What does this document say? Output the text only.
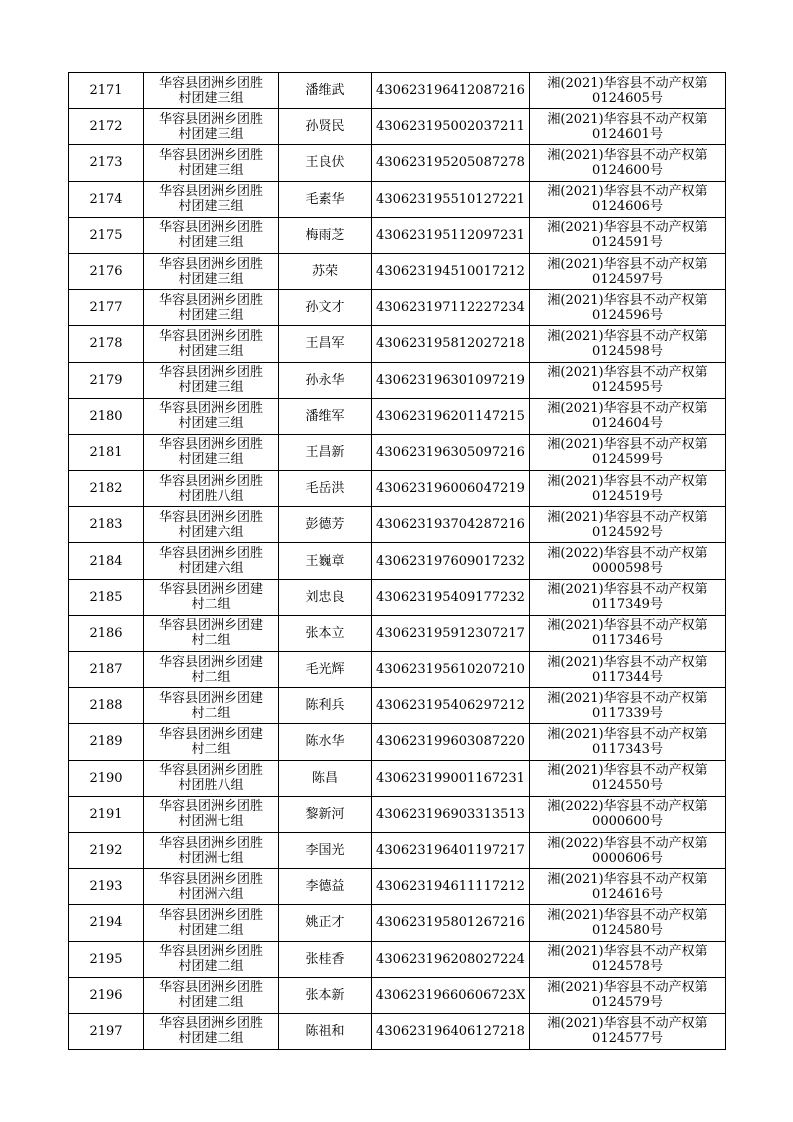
2171	华容县团洲乡团胜
村团建三组	潘维武	430623196412087216	湘(2021)华容县不动产权第
0124605号

2172	华容县团洲乡团胜
村团建三组	孙贤民	430623195002037211	湘(2021)华容县不动产权第
0124601号

2173	华容县团洲乡团胜
村团建三组	王良伏	430623195205087278	湘(2021)华容县不动产权第
0124600号

2174	华容县团洲乡团胜
村团建三组	毛素华	430623195510127221	湘(2021)华容县不动产权第
0124606号

2175	华容县团洲乡团胜
村团建三组	梅雨芝	430623195112097231	湘(2021)华容县不动产权第
0124591号

2176	华容县团洲乡团胜
村团建三组	苏荣	430623194510017212	湘(2021)华容县不动产权第
0124597号

2177	华容县团洲乡团胜
村团建三组	孙文才	430623197112227234	湘(2021)华容县不动产权第
0124596号

2178	华容县团洲乡团胜
村团建三组	王昌军	430623195812027218	湘(2021)华容县不动产权第
0124598号

2179	华容县团洲乡团胜
村团建三组	孙永华	430623196301097219	湘(2021)华容县不动产权第
0124595号

2180	华容县团洲乡团胜
村团建三组	潘维军	430623196201147215	湘(2021)华容县不动产权第
0124604号

2181	华容县团洲乡团胜
村团建三组	王昌新	430623196305097216	湘(2021)华容县不动产权第
0124599号

2182	华容县团洲乡团胜
村团胜八组	毛岳洪	430623196006047219	湘(2021)华容县不动产权第
0124519号

2183	华容县团洲乡团胜
村团建六组	彭德芳	430623193704287216	湘(2021)华容县不动产权第
0124592号

2184	华容县团洲乡团胜
村团建六组	王巍章	430623197609017232	湘(2022)华容县不动产权第
0000598号

2185	华容县团洲乡团建
村二组	刘忠良	430623195409177232	湘(2021)华容县不动产权第
0117349号

2186	华容县团洲乡团建
村二组	张本立	430623195912307217	湘(2021)华容县不动产权第
0117346号

2187	华容县团洲乡团建
村二组	毛光辉	430623195610207210	湘(2021)华容县不动产权第
0117344号

2188	华容县团洲乡团建
村二组	陈利兵	430623195406297212	湘(2021)华容县不动产权第
0117339号

2189	华容县团洲乡团建
村二组	陈水华	430623199603087220	湘(2021)华容县不动产权第
0117343号

2190	华容县团洲乡团胜
村团胜八组	陈昌	430623199001167231	湘(2021)华容县不动产权第
0124550号

2191	华容县团洲乡团胜
村团洲七组	黎新河	430623196903313513	湘(2022)华容县不动产权第
0000600号

2192	华容县团洲乡团胜
村团洲七组	李国光	430623196401197217	湘(2022)华容县不动产权第
0000606号

2193	华容县团洲乡团胜
村团洲六组	李德益	430623194611117212	湘(2021)华容县不动产权第
0124616号

2194	华容县团洲乡团胜
村团建二组	姚正才	430623195801267216	湘(2021)华容县不动产权第
0124580号

2195	华容县团洲乡团胜
村团建二组	张桂香	430623196208027224	湘(2021)华容县不动产权第
0124578号

2196	华容县团洲乡团胜
村团建二组	张本新	43062319660606723X	湘(2021)华容县不动产权第
0124579号

2197	华容县团洲乡团胜
村团建二组	陈祖和	430623196406127218	湘(2021)华容县不动产权第
0124577号
